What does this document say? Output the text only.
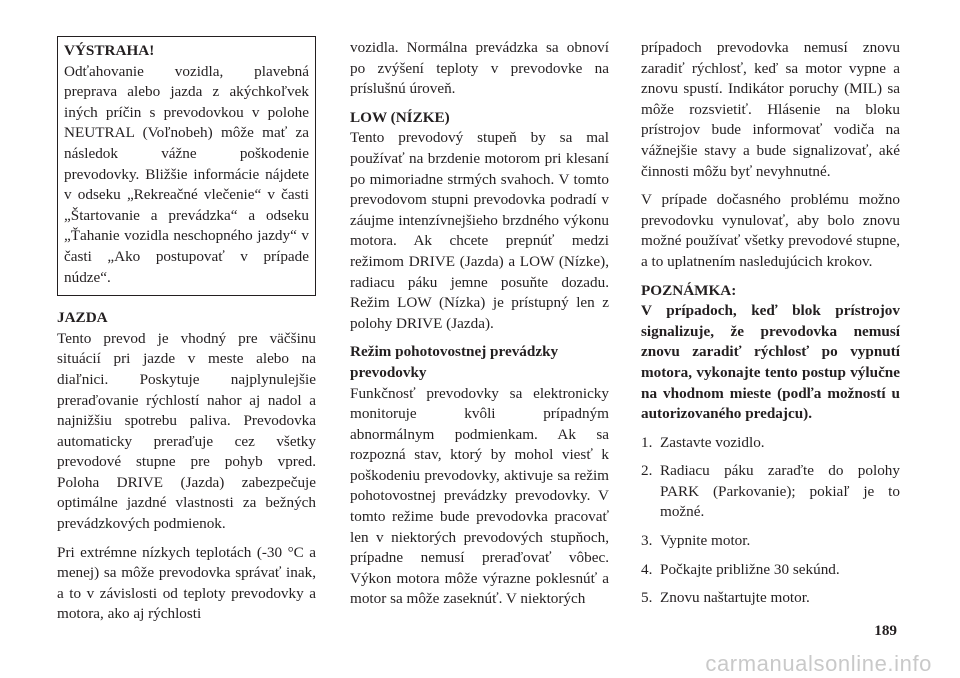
VÝSTRAHA!
Odťahovanie vozidla, plavebná preprava alebo jazda z akýchkoľvek iných príčin s prevodovkou v polohe NEUTRAL (Voľnobeh) môže mať za následok vážne poškodenie prevodovky. Bližšie informácie nájdete v odseku „Rekreačné vlečenie“ v časti „Štartovanie a prevádzka“ a odseku „Ťahanie vozidla neschopného jazdy“ v časti „Ako postupovať v prípade núdze“.
JAZDA

Tento prevod je vhodný pre väčšinu situácií pri jazde v meste alebo na diaľnici. Poskytuje najplynulejšie preraďovanie rýchlostí nahor aj nadol a najnižšiu spotrebu paliva. Prevodovka automaticky preraďuje cez všetky prevodové stupne pre pohyb vpred. Poloha DRIVE (Jazda) zabezpečuje optimálne jazdné vlastnosti za bežných prevádzkových podmienok.

Pri extrémne nízkych teplotách (-30 °C a menej) sa môže prevodovka správať inak, a to v závislosti od teploty prevodovky a motora, ako aj rýchlosti

vozidla. Normálna prevádzka sa obnoví po zvýšení teploty v prevodovke na príslušnú úroveň.

LOW (NÍZKE)

Tento prevodový stupeň by sa mal používať na brzdenie motorom pri klesaní po mimoriadne strmých svahoch. V tomto prevodovom stupni prevodovka podradí v záujme intenzívnejšieho brzdného výkonu motora. Ak chcete prepnúť medzi režimom DRIVE (Jazda) a LOW (Nízke), radiacu páku jemne posuňte dozadu. Režim LOW (Nízka) je prístupný len z polohy DRIVE (Jazda).

Režim pohotovostnej prevádzky prevodovky

Funkčnosť prevodovky sa elektronicky monitoruje kvôli prípadným abnormálnym podmienkam. Ak sa rozpozná stav, ktorý by mohol viesť k poškodeniu prevodovky, aktivuje sa režim pohotovostnej prevádzky prevodovky. V tomto režime bude prevodovka pracovať len v niektorých prevodových stupňoch, prípadne nemusí preraďovať vôbec. Výkon motora môže výrazne poklesnúť a motor sa môže zaseknúť. V niektorých

prípadoch prevodovka nemusí znovu zaradiť rýchlosť, keď sa motor vypne a znovu spustí. Indikátor poruchy (MIL) sa môže rozsvietiť. Hlásenie na bloku prístrojov bude informovať vodiča na vážnejšie stavy a bude signalizovať, aké činnosti môžu byť nevyhnutné.

V prípade dočasného problému možno prevodovku vynulovať, aby bolo znovu možné používať všetky prevodové stupne, a to uplatnením nasledujúcich krokov.

POZNÁMKA:

V prípadoch, keď blok prístrojov signalizuje, že prevodovka nemusí znovu zaradiť rýchlosť po vypnutí motora, vykonajte tento postup výlučne na vhodnom mieste (podľa možností u autorizovaného predajcu).

1. Zastavte vozidlo.
2. Radiacu páku zaraďte do polohy PARK (Parkovanie); pokiaľ je to možné.
3. Vypnite motor.
4. Počkajte približne 30 sekúnd.
5. Znovu naštartujte motor.
189
carmanualsonline.info
